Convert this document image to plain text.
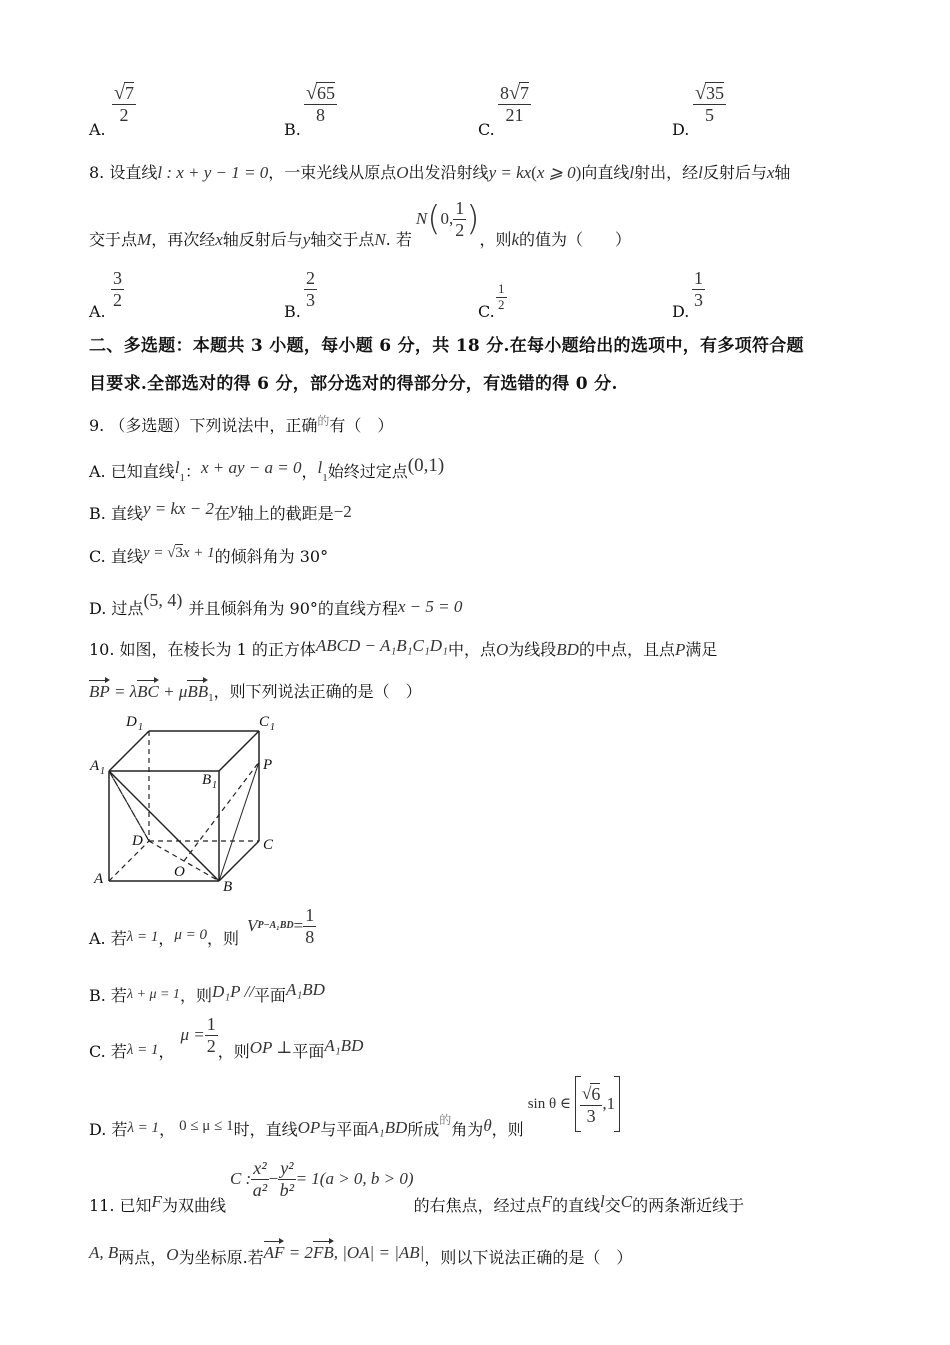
A.
$\frac{√ 7}{2}$
B.
$\frac{√ 65}{8}$
C.
$\frac{8 √ 7}{21}$
D.
$\frac{√ 35}{5}$
8. 设直线l : x + y − 1 = 0，一束光线从原点O出发沿射线y = kx(x ⩾ 0)向直线l射出，经l反射后与x轴
交于点 M ，再次经 x 轴反射后与 y 轴交于点 N . 若
N ( 0, $\frac{1}{2}$ )
，则 k 的值为（　　）
A.
$\frac{3}{2}$
B.
$\frac{2}{3}$
C. $\frac{1}{2}$	D.
$\frac{1}{3}$
二、多选题：本题共 3 小题，每小题 6 分，共 18 分.在每小题给出的选项中，有多项符合题
目要求.全部选对的得 6 分，部分选对的得部分分，有选错的得 0 分.
9. （多选题）下列说法中，正确$^的$有（　）
A. 已知直线$l_1$：x + ay − a = 0，$l_1$始终过定点(0,1)
B. 直线y = kx − 2在y轴上的截距是−2
C. 直线y = √3x + 1的倾斜角为 30°
D. 过点(5, 4) 并且倾斜角为 90°的直线方程x − 5 = 0
10. 如图，在棱长为 1 的正方体ABCD − A₁B₁C₁D₁中，点O为线段BD的中点，且点P满足
BP = λBC + μBB$_1$，则下列说法正确的是（　）
D 1	C 1
A 1
B 1
P
D	C
A	O
B
A. 若 λ = 1 ， μ = 0 ，则
V $P-A_1BD = \frac{1}{8}$
B. 若λ + μ = 1，则D₁P //平面A₁BD
C. 若 λ = 1 ，
$\mu = \frac{1}{2}$ ，则 OP ⊥ 平面 A₁BD
D. 若 λ = 1 ， 0 ≤ μ ≤ 1 时，直线 OP 与平面 A₁BD 所成 的 角为 θ ，则
sin θ ∈ $\frac{√ 6}{3} ,1$
11. 已知 F 为双曲线
C : $\frac{\text{x²}}{\text{a²}} - \frac{\text{y²}}{\text{b²}} = 1(a > 0$, b > 0)
的右焦点，经过点 F 的直线 l 交 C 的两条渐近线于
A, B两点，O为坐标原.若AF = 2FB, |OA| = |AB|，则以下说法正确的是（　）
